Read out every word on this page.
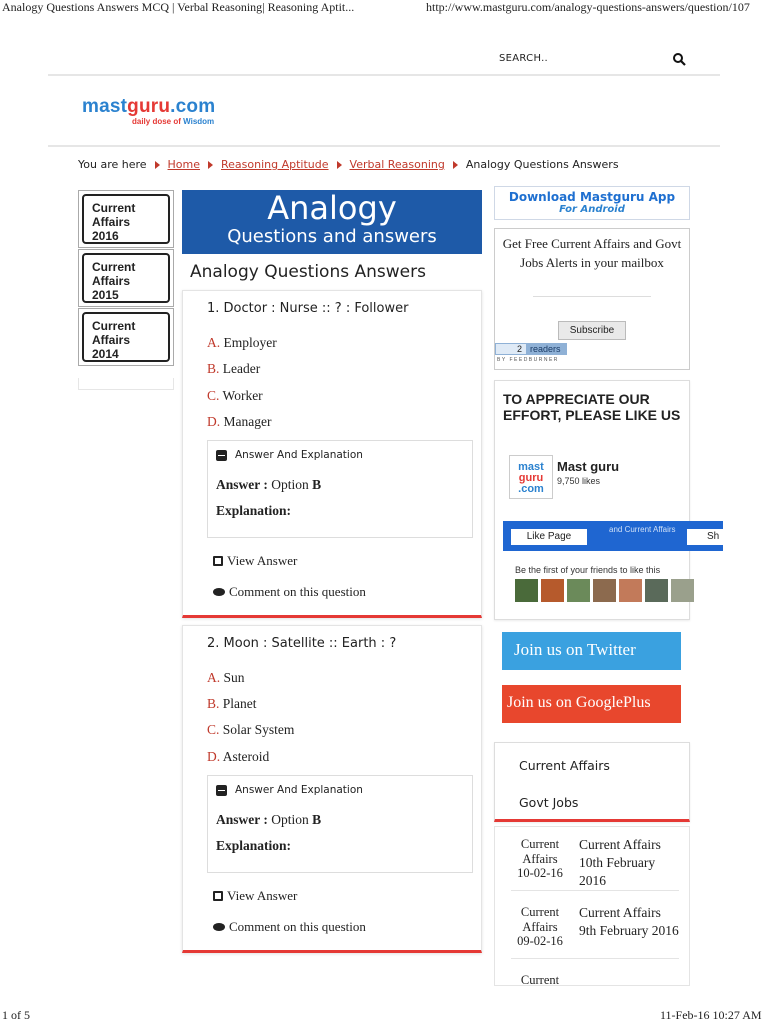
Analogy Questions Answers MCQ | Verbal Reasoning| Reasoning Aptit...	http://www.mastguru.com/analogy-questions-answers/question/107
SEARCH..
mastguru.com
daily dose of Wisdom
You are here Home Reasoning Aptitude Verbal Reasoning Analogy Questions Answers
Current
Affairs
2016
Current
Affairs
2015
Current
Affairs
2014
Analogy
Questions and answers
Analogy Questions Answers
1. Doctor : Nurse :: ? : Follower
A. Employer
B. Leader
C. Worker
D. Manager
Answer And Explanation
Answer : Option B
Explanation:
View Answer
Comment on this question
2. Moon : Satellite :: Earth : ?
A. Sun
B. Planet
C. Solar System
D. Asteroid
Answer And Explanation
Answer : Option B
Explanation:
View Answer
Comment on this question
Download Mastguru App
For Android
Get Free Current Affairs and Govt Jobs Alerts in your mailbox
Subscribe
2 readers
BY FEEDBURNER
TO APPRECIATE OUR EFFORT, PLEASE LIKE US
mast
guru
.com
Mast guru
9,750 likes
and Current Affairs
Like Page	Sh
Be the first of your friends to like this
Join us on Twitter
Join us on GooglePlus
Current Affairs
Govt Jobs
Current
Affairs
10-02-16
Current Affairs 10th February 2016
Current
Affairs
09-02-16
Current Affairs 9th February 2016
Current
1 of 5	11-Feb-16 10:27 AM
